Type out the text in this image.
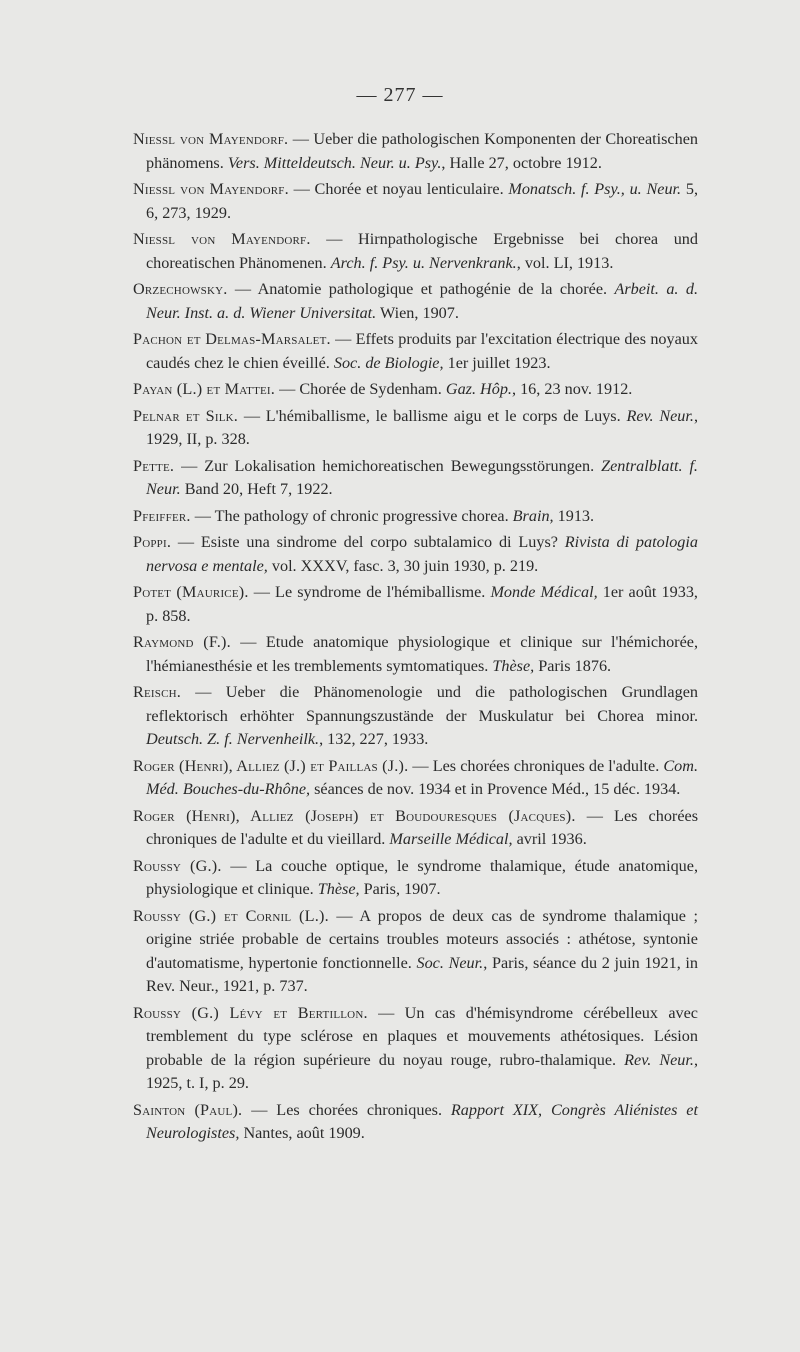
— 277 —

Niessl von Mayendorf. — Ueber die pathologischen Komponenten der Choreatischen phänomens. Vers. Mitteldeutsch. Neur. u. Psy., Halle 27, octobre 1912.

Niessl von Mayendorf. — Chorée et noyau lenticulaire. Monatsch. f. Psy., u. Neur. 5, 6, 273, 1929.

Niessl von Mayendorf. — Hirnpathologische Ergebnisse bei chorea und choreatischen Phänomenen. Arch. f. Psy. u. Nervenkrank., vol. LI, 1913.

Orzechowsky. — Anatomie pathologique et pathogénie de la chorée. Arbeit. a. d. Neur. Inst. a. d. Wiener Universitat. Wien, 1907.

Pachon et Delmas-Marsalet. — Effets produits par l'excitation électrique des noyaux caudés chez le chien éveillé. Soc. de Biologie, 1er juillet 1923.

Payan (L.) et Mattei. — Chorée de Sydenham. Gaz. Hôp., 16, 23 nov. 1912.

Pelnar et Silk. — L'hémiballisme, le ballisme aigu et le corps de Luys. Rev. Neur., 1929, II, p. 328.

Pette. — Zur Lokalisation hemichoreatischen Bewegungsstörungen. Zentralblatt. f. Neur. Band 20, Heft 7, 1922.

Pfeiffer. — The pathology of chronic progressive chorea. Brain, 1913.

Poppi. — Esiste una sindrome del corpo subtalamico di Luys? Rivista di patologia nervosa e mentale, vol. XXXV, fasc. 3, 30 juin 1930, p. 219.

Potet (Maurice). — Le syndrome de l'hémiballisme. Monde Médical, 1er août 1933, p. 858.

Raymond (F.). — Etude anatomique physiologique et clinique sur l'hémichorée, l'hémianesthésie et les tremblements symtomatiques. Thèse, Paris 1876.

Reisch. — Ueber die Phänomenologie und die pathologischen Grundlagen reflektorisch erhöhter Spannungszustände der Muskulatur bei Chorea minor. Deutsch. Z. f. Nervenheilk., 132, 227, 1933.

Roger (Henri), Alliez (J.) et Paillas (J.). — Les chorées chroniques de l'adulte. Com. Méd. Bouches-du-Rhône, séances de nov. 1934 et in Provence Méd., 15 déc. 1934.

Roger (Henri), Alliez (Joseph) et Boudouresques (Jacques). — Les chorées chroniques de l'adulte et du vieillard. Marseille Médical, avril 1936.

Roussy (G.). — La couche optique, le syndrome thalamique, étude anatomique, physiologique et clinique. Thèse, Paris, 1907.

Roussy (G.) et Cornil (L.). — A propos de deux cas de syndrome thalamique ; origine striée probable de certains troubles moteurs associés : athétose, syntonie d'automatisme, hypertonie fonctionnelle. Soc. Neur., Paris, séance du 2 juin 1921, in Rev. Neur., 1921, p. 737.

Roussy (G.) Lévy et Bertillon. — Un cas d'hémisyndrome cérébelleux avec tremblement du type sclérose en plaques et mouvements athétosiques. Lésion probable de la région supérieure du noyau rouge, rubro-thalamique. Rev. Neur., 1925, t. I, p. 29.

Sainton (Paul). — Les chorées chroniques. Rapport XIX, Congrès Aliénistes et Neurologistes, Nantes, août 1909.
